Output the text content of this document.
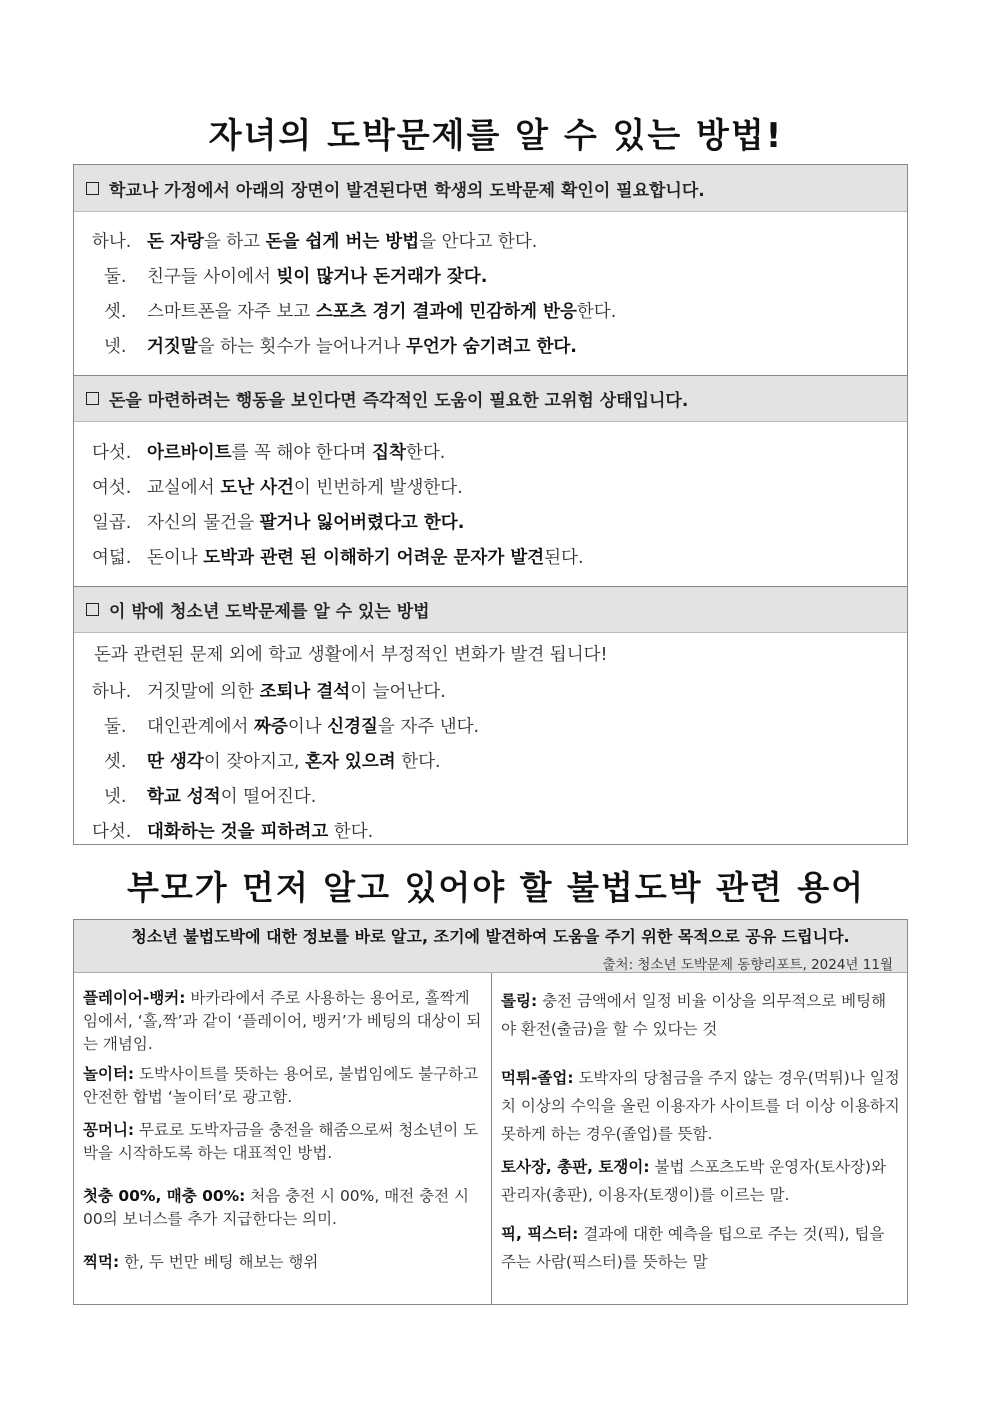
자녀의 도박문제를 알 수 있는 방법!
학교나 가정에서 아래의 장면이 발견된다면 학생의 도박문제 확인이 필요합니다.
하나. 돈 자랑을 하고 돈을 쉽게 버는 방법을 안다고 한다.
둘. 친구들 사이에서 빚이 많거나 돈거래가 잦다.
셋. 스마트폰을 자주 보고 스포츠 경기 결과에 민감하게 반응한다.
넷. 거짓말을 하는 횟수가 늘어나거나 무언가 숨기려고 한다.
돈을 마련하려는 행동을 보인다면 즉각적인 도움이 필요한 고위험 상태입니다.
다섯. 아르바이트를 꼭 해야 한다며 집착한다.
여섯. 교실에서 도난 사건이 빈번하게 발생한다.
일곱. 자신의 물건을 팔거나 잃어버렸다고 한다.
여덟. 돈이나 도박과 관련 된 이해하기 어려운 문자가 발견된다.
이 밖에 청소년 도박문제를 알 수 있는 방법
돈과 관련된 문제 외에 학교 생활에서 부정적인 변화가 발견 됩니다!
하나. 거짓말에 의한 조퇴나 결석이 늘어난다.
둘. 대인관계에서 짜증이나 신경질을 자주 낸다.
셋. 딴 생각이 잦아지고, 혼자 있으려 한다.
넷. 학교 성적이 떨어진다.
다섯. 대화하는 것을 피하려고 한다.
부모가 먼저 알고 있어야 할 불법도박 관련 용어
청소년 불법도박에 대한 정보를 바로 알고, 조기에 발견하여 도움을 주기 위한 목적으로 공유 드립니다.
출처: 청소년 도박문제 동향리포트, 2024년 11월
플레이어-뱅커: 바카라에서 주로 사용하는 용어로, 홀짝게임에서, ‘홀,짝’과 같이 ‘플레이어, 뱅커’가 베팅의 대상이 되는 개념임.
놀이터: 도박사이트를 뜻하는 용어로, 불법임에도 불구하고 안전한 합법 ‘놀이터’로 광고함.
꽁머니: 무료로 도박자금을 충전을 해줌으로써 청소년이 도박을 시작하도록 하는 대표적인 방법.
첫충 00%, 매충 00%: 처음 충전 시 00%, 매전 충전 시 00의 보너스를 추가 지급한다는 의미.
찍먹: 한, 두 번만 베팅 해보는 행위
롤링: 충전 금액에서 일정 비율 이상을 의무적으로 베팅해야 환전(출금)을 할 수 있다는 것
먹튀-졸업: 도박자의 당첨금을 주지 않는 경우(먹튀)나 일정 치 이상의 수익을 올린 이용자가 사이트를 더 이상 이용하지 못하게 하는 경우(졸업)를 뜻함.
토사장, 총판, 토쟁이: 불법 스포츠도박 운영자(토사장)와 관리자(총판), 이용자(토쟁이)를 이르는 말.
픽, 픽스터: 결과에 대한 예측을 팁으로 주는 것(픽), 팁을 주는 사람(픽스터)를 뜻하는 말
